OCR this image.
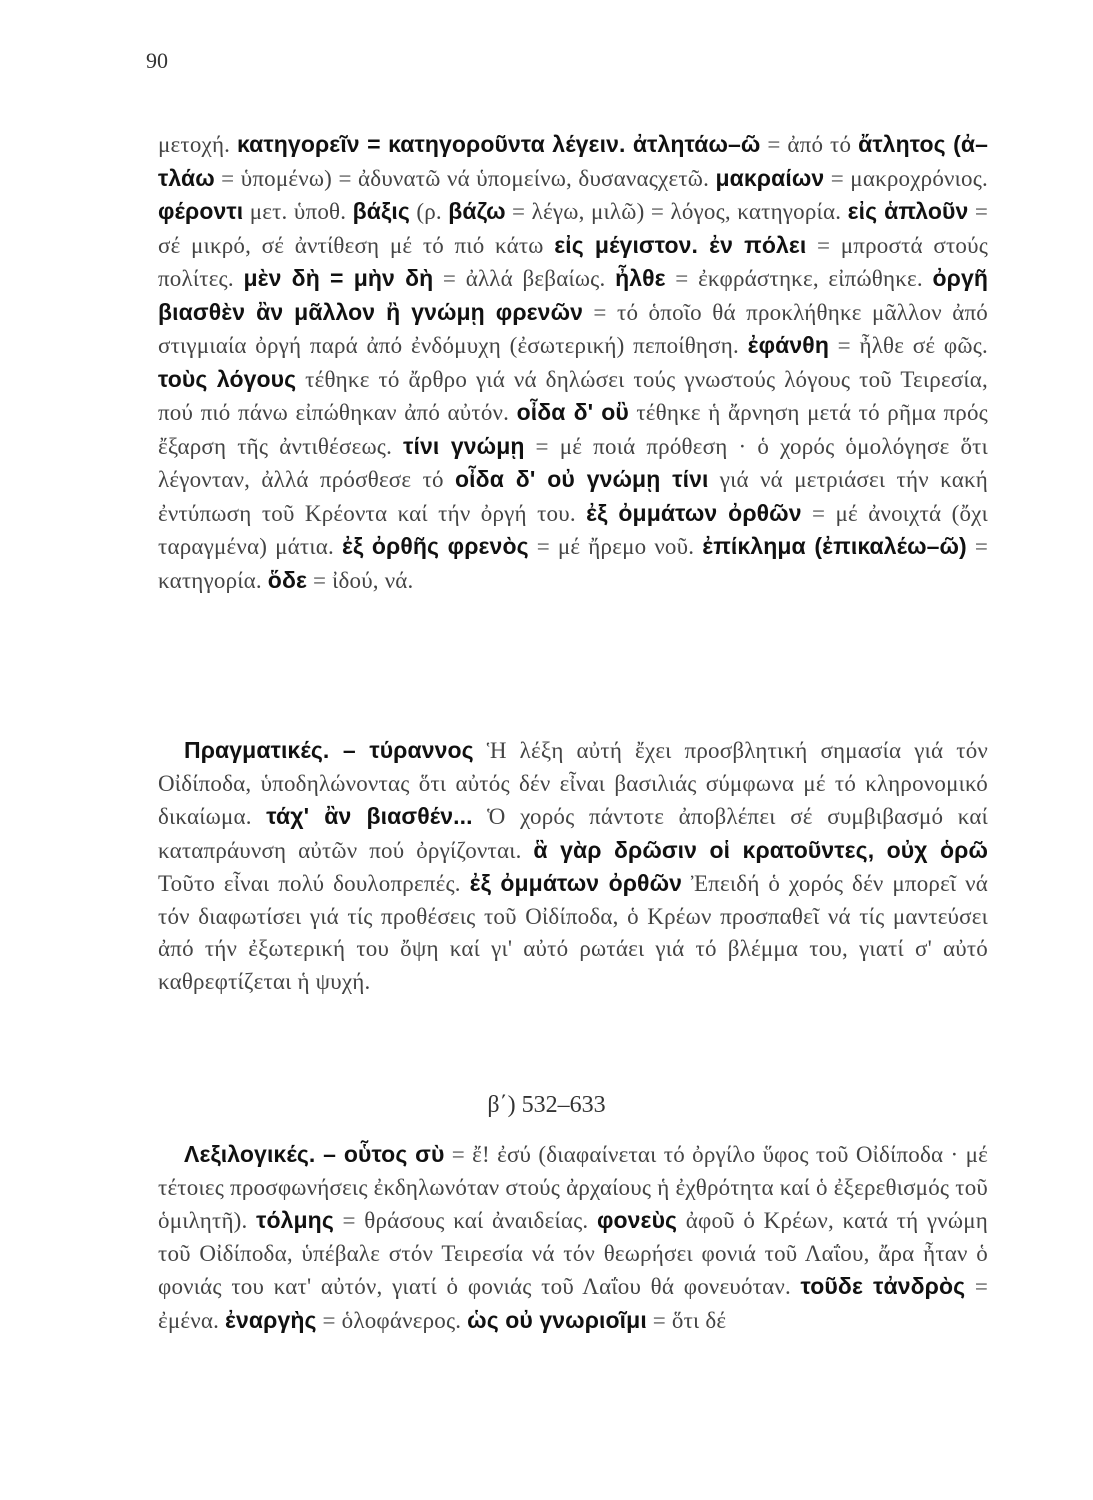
90

μετοχή. κατηγορεῖν = κατηγοροῦντα λέγειν. ἀτλητάω–ῶ = ἀπό τό ἄτλητος (ἀ–τλάω = ὑπομένω) = ἀδυνατῶ νά ὑπομείνω, δυσαναςχετῶ. μακραίων = μακροχρόνιος. φέροντι μετ. ὑποθ. βάξις (ρ. βάζω = λέγω, μιλῶ) = λόγος, κατηγορία. εἰς ἁπλοῦν = σέ μικρό, σέ ἀντίθεση μέ τό πιό κάτω εἰς μέγιστον. ἐν πόλει = μπροστά στούς πολίτες. μὲν δὴ = μὴν δὴ = ἀλλά βεβαίως. ἦλθε = ἐκφράστηκε, εἰπώθηκε. ὀργῆ βιασθὲν ἂν μᾶλλον ἢ γνώμῃ φρενῶν = τό ὁποῖο θά προκλήθηκε μᾶλλον ἀπό στιγμιαία ὀργή παρά ἀπό ἐνδόμυχη (ἐσωτερική) πεποίθηση. ἐφάνθη = ἦλθε σέ φῶς. τοὺς λόγους τέθηκε τό ἄρθρο γιά νά δηλώσει τούς γνωστούς λόγους τοῦ Τειρεσία, πού πιό πάνω εἰπώθηκαν ἀπό αὐτόν. οἶδα δ' οὒ τέθηκε ἡ ἄρνηση μετά τό ρῆμα πρός ἔξαρση τῆς ἀντιθέσεως. τίνι γνώμῃ = μέ ποιά πρόθεση · ὁ χορός ὁμολόγησε ὅτι λέγονταν, ἀλλά πρόσθεσε τό οἶδα δ' οὐ γνώμῃ τίνι γιά νά μετριάσει τήν κακή ἐντύπωση τοῦ Κρέοντα καί τήν ὀργή του. ἐξ ὀμμάτων ὀρθῶν = μέ ἀνοιχτά (ὄχι ταραγμένα) μάτια. ἐξ ὀρθῆς φρενὸς = μέ ἤρεμο νοῦ. ἐπίκλημα (ἐπικαλέω–ῶ) = κατηγορία. ὅδε = ἰδού, νά.

Πραγματικές. – τύραννος Ἡ λέξη αὐτή ἔχει προσβλητική σημασία γιά τόν Οἰδίποδα, ὑποδηλώνοντας ὅτι αὐτός δέν εἶναι βασιλιάς σύμφωνα μέ τό κληρονομικό δικαίωμα. τάχ' ἂν βιασθέν... Ὁ χορός πάντοτε ἀποβλέπει σέ συμβιβασμό καί καταπράυνση αὐτῶν πού ὀργίζονται. ἃ γὰρ δρῶσιν οἱ κρατοῦντες, οὐχ ὁρῶ Τοῦτο εἶναι πολύ δουλοπρεπές. ἐξ ὀμμάτων ὀρθῶν Ἐπειδή ὁ χορός δέν μπορεῖ νά τόν διαφωτίσει γιά τίς προθέσεις τοῦ Οἰδίποδα, ὁ Κρέων προσπαθεῖ νά τίς μαντεύσει ἀπό τήν ἐξωτερική του ὄψη καί γι' αὐτό ρωτάει γιά τό βλέμμα του, γιατί σ' αὐτό καθρεφτίζεται ἡ ψυχή.

β΄) 532–633

Λεξιλογικές. – οὗτος σὺ = ἔ! ἐσύ (διαφαίνεται τό ὀργίλο ὕφος τοῦ Οἰδίποδα · μέ τέτοιες προσφωνήσεις ἐκδηλωνόταν στούς ἀρχαίους ἡ ἐχθρότητα καί ὁ ἐξερεθισμός τοῦ ὁμιλητῆ). τόλμης = θράσους καί ἀναιδείας. φονεὺς ἀφοῦ ὁ Κρέων, κατά τή γνώμη τοῦ Οἰδίποδα, ὑπέβαλε στόν Τειρεσία νά τόν θεωρήσει φονιά τοῦ Λαΐου, ἄρα ἦταν ὁ φονιάς του κατ' αὐτόν, γιατί ὁ φονιάς τοῦ Λαΐου θά φονευόταν. τοῦδε τἀνδρὸς = ἐμένα. ἐναργὴς = ὁλοφάνερος. ὡς οὐ γνωριοῖμι = ὅτι δέ
